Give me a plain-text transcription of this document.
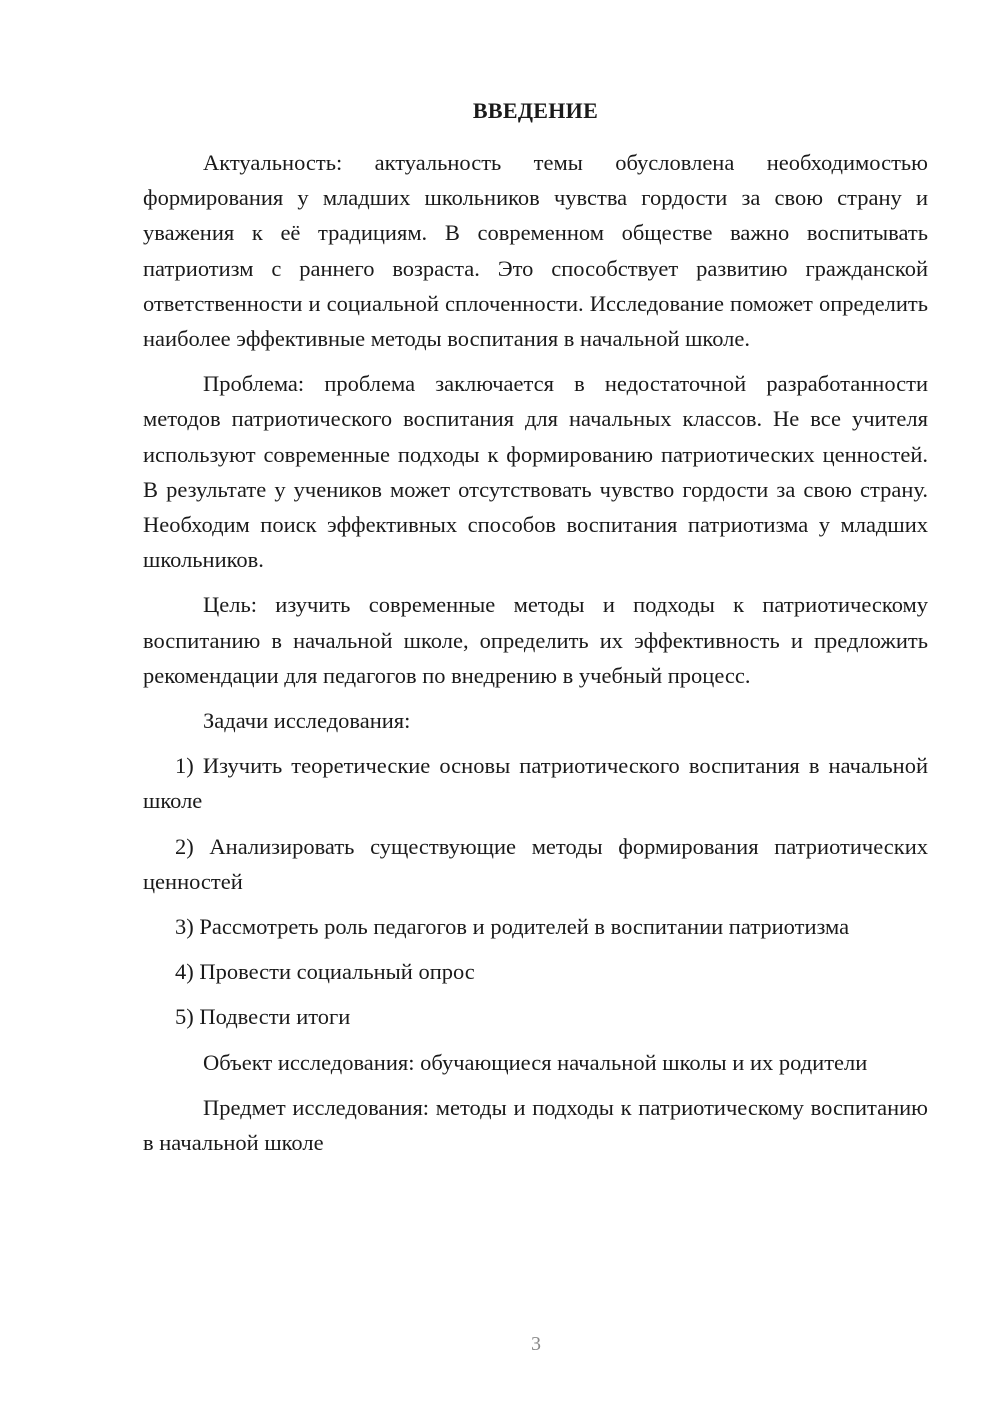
ВВЕДЕНИЕ

Актуальность: актуальность темы обусловлена необходимостью формирования у младших школьников чувства гордости за свою страну и уважения к её традициям. В современном обществе важно воспитывать патриотизм с раннего возраста. Это способствует развитию гражданской ответственности и социальной сплоченности. Исследование поможет определить наиболее эффективные методы воспитания в начальной школе.

Проблема: проблема заключается в недостаточной разработанности методов патриотического воспитания для начальных классов. Не все учителя используют современные подходы к формированию патриотических ценностей. В результате у учеников может отсутствовать чувство гордости за свою страну. Необходим поиск эффективных способов воспитания патриотизма у младших школьников.

Цель: изучить современные методы и подходы к патриотическому воспитанию в начальной школе, определить их эффективность и предложить рекомендации для педагогов по внедрению в учебный процесс.

Задачи исследования:

1) Изучить теоретические основы патриотического воспитания в начальной школе
2) Анализировать существующие методы формирования патриотических ценностей
3) Рассмотреть роль педагогов и родителей в воспитании патриотизма
4) Провести социальный опрос
5) Подвести итоги

Объект исследования: обучающиеся начальной школы и их родители

Предмет исследования: методы и подходы к патриотическому воспитанию в начальной школе

3
